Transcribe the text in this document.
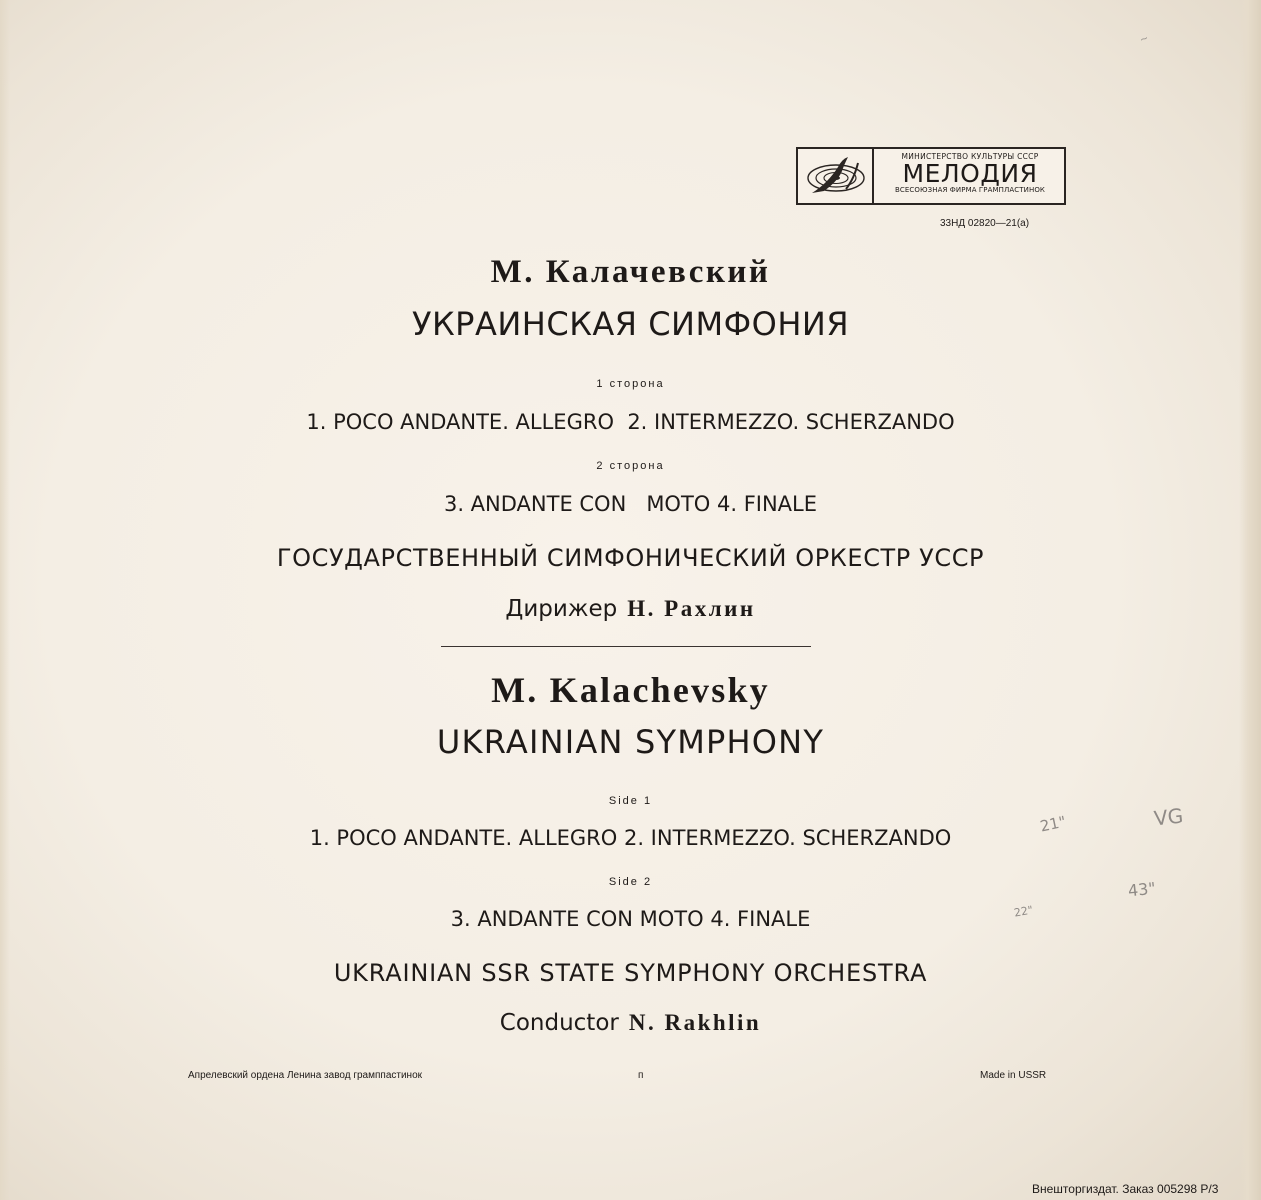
~
МИНИСТЕРСТВО КУЛЬТУРЫ СССР
МЕЛОДИЯ
ВСЕСОЮЗНАЯ ФИРМА ГРАМПЛАСТИНОК
33НД 02820—21(а)
М. Калачевский
УКРАИНСКАЯ СИМФОНИЯ
1 сторона
1. POCO ANDANTE. ALLEGRO  2. INTERMEZZO. SCHERZANDO
2 сторона
3. ANDANTE CON   MOTO 4. FINALE
ГОСУДАРСТВЕННЫЙ СИМФОНИЧЕСКИЙ ОРКЕСТР УССР
Дирижер Н. Рахлин
M. Kalachevsky
UKRAINIAN SYMPHONY
Side 1
1. POCO ANDANTE. ALLEGRO 2. INTERMEZZO. SCHERZANDO
Side 2
3. ANDANTE CON MOTO 4. FINALE
UKRAINIAN SSR STATE SYMPHONY ORCHESTRA
Conductor N. Rakhlin
21"	VG
43"
22"
Апрелевский ордена Ленина завод грамппастинок	п	Made in USSR
Внешторгиздат. Заказ 005298 Р/3
